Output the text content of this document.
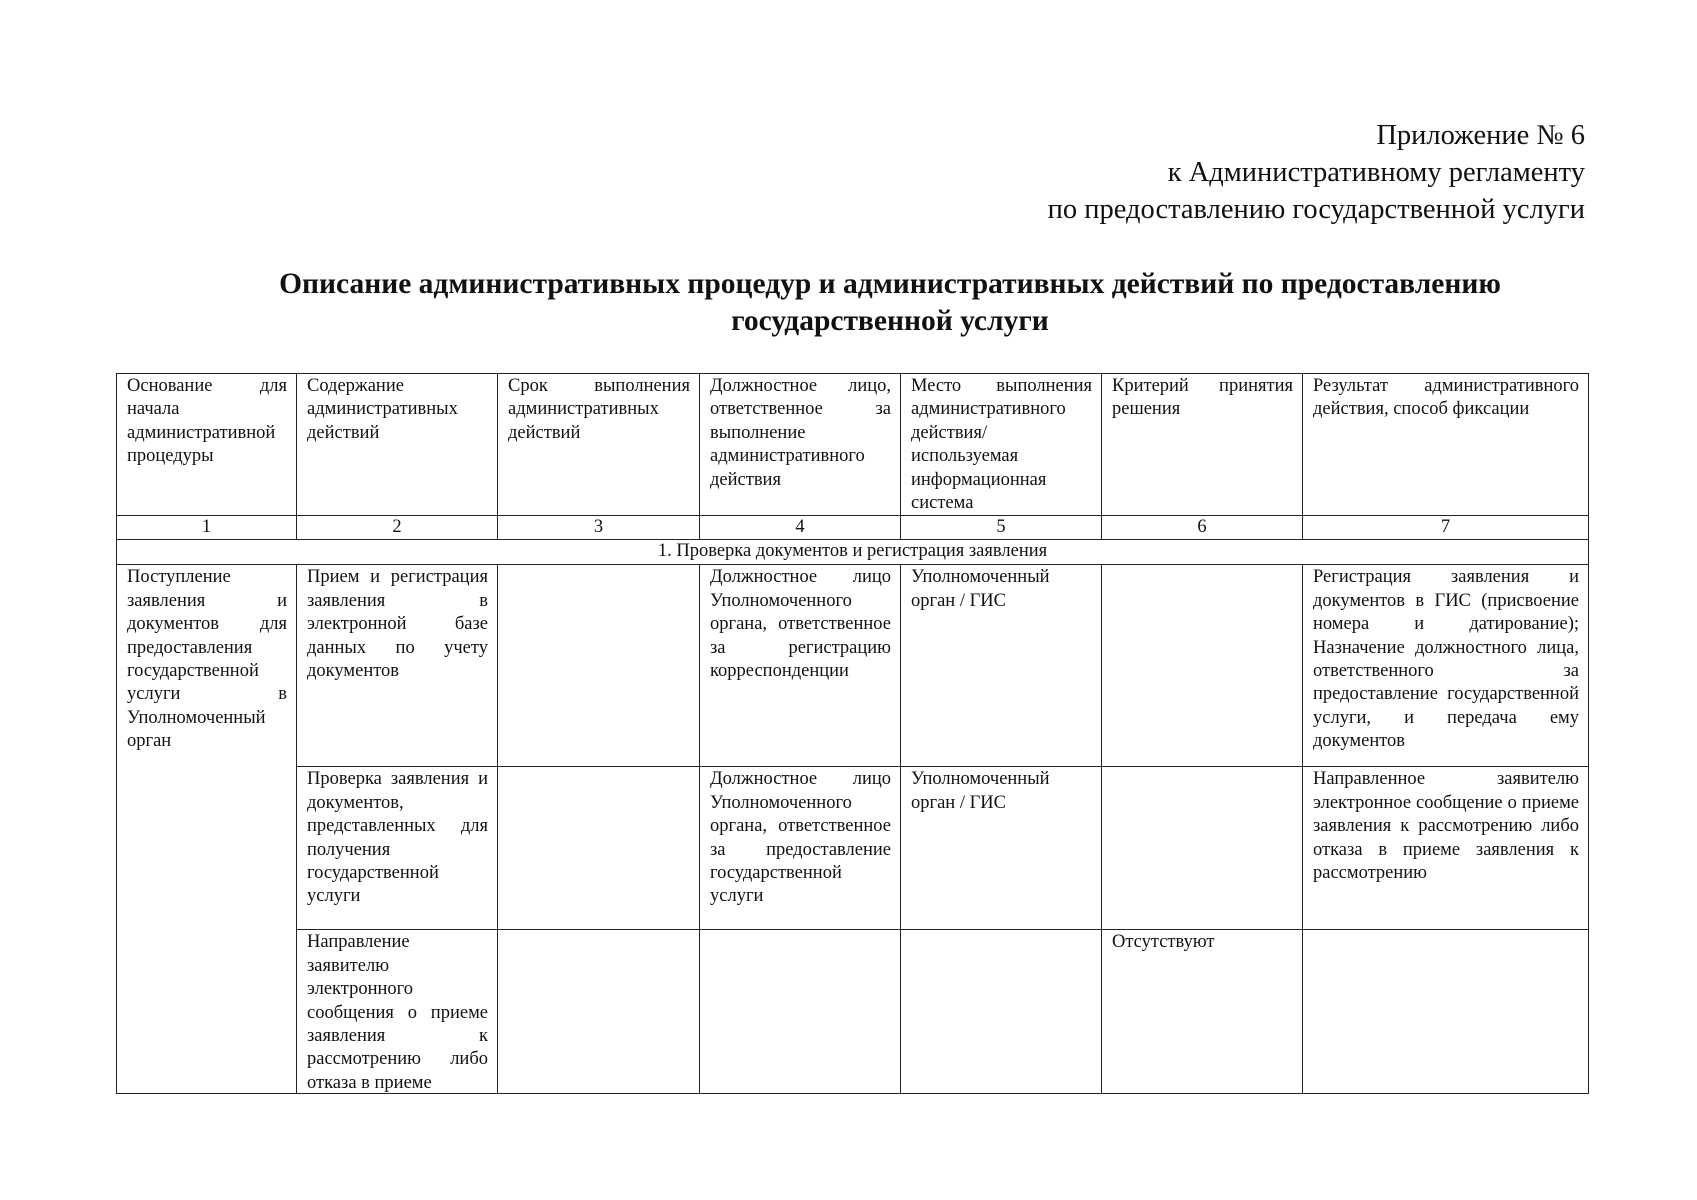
Приложение № 6
к Административному регламенту
по предоставлению государственной услуги
Описание административных процедур и административных действий по предоставлению
государственной услуги
Основание для начала административной процедуры	Содержание административных действий	Срок выполнения административных действий	Должностное лицо, ответственное за выполнение административного действия	Место выполнения административного действия/используемая информационная система	Критерий принятия решения	Результат административного действия, способ фиксации
1	2	3	4	5	6	7
1. Проверка документов и регистрация заявления						
Поступление заявления и документов для предоставления государственной услуги в Уполномоченный орган	Прием и регистрация заявления в электронной базе данных по учету документов		Должностное лицо Уполномоченного органа, ответственное за регистрацию корреспонденции	Уполномоченный орган / ГИС		Регистрация заявления и документов в ГИС (присвоение номера и датирование); Назначение должностного лица, ответственного за предоставление государственной услуги, и передача ему документов
	Проверка заявления и документов, представленных для получения государственной услуги		Должностное лицо Уполномоченного органа, ответственное за предоставление государственной услуги	Уполномоченный орган / ГИС		Направленное заявителю электронное сообщение о приеме заявления к рассмотрению либо отказа в приеме заявления к рассмотрению

	Направление заявителю электронного сообщения о приеме заявления к рассмотрению либо отказа в приеме				Отсутствуют	
